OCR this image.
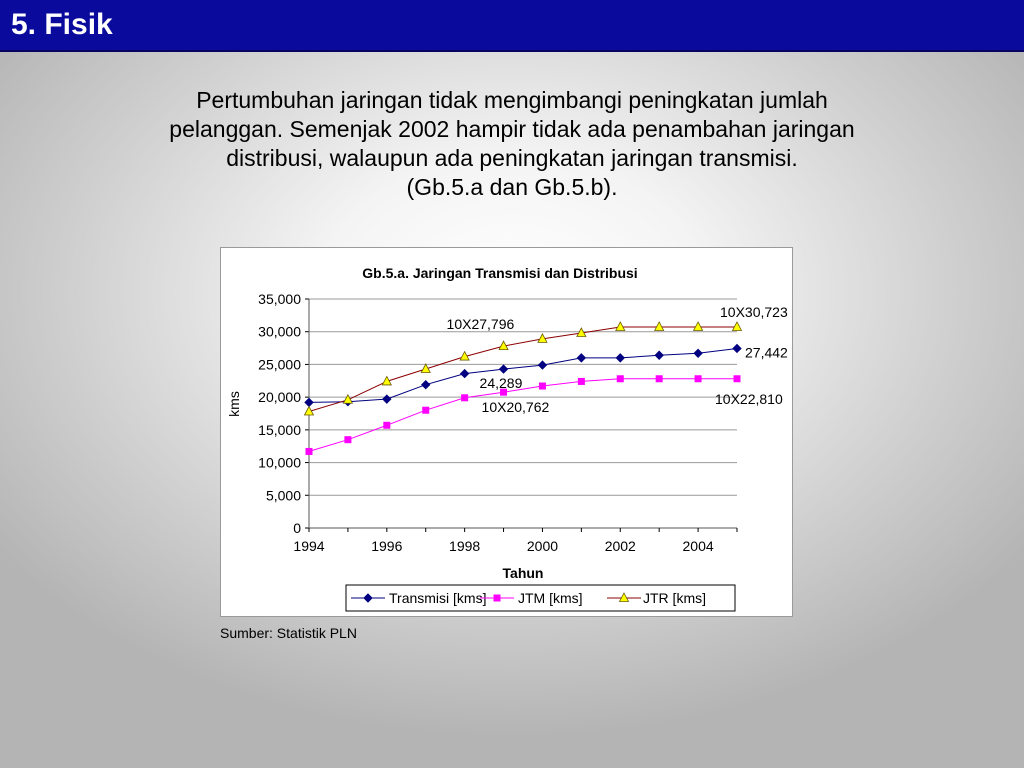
5. Fisik
Pertumbuhan jaringan tidak mengimbangi peningkatan jumlah
pelanggan. Semenjak 2002 hampir tidak ada penambahan jaringan
distribusi, walaupun ada peningkatan jaringan transmisi.
(Gb.5.a dan Gb.5.b).
Gb.5.a. Jaringan Transmisi dan Distribusi
0
5,000
10,000
15,000
20,000
25,000
30,000
35,000
1994	1996	1998	2000	2002	2004
Tahun
kms
10X27,796
24,289
10X20,762
10X30,723
27,442
10X22,810
Transmisi [kms] JTM [kms]	JTR [kms]
Sumber: Statistik PLN
